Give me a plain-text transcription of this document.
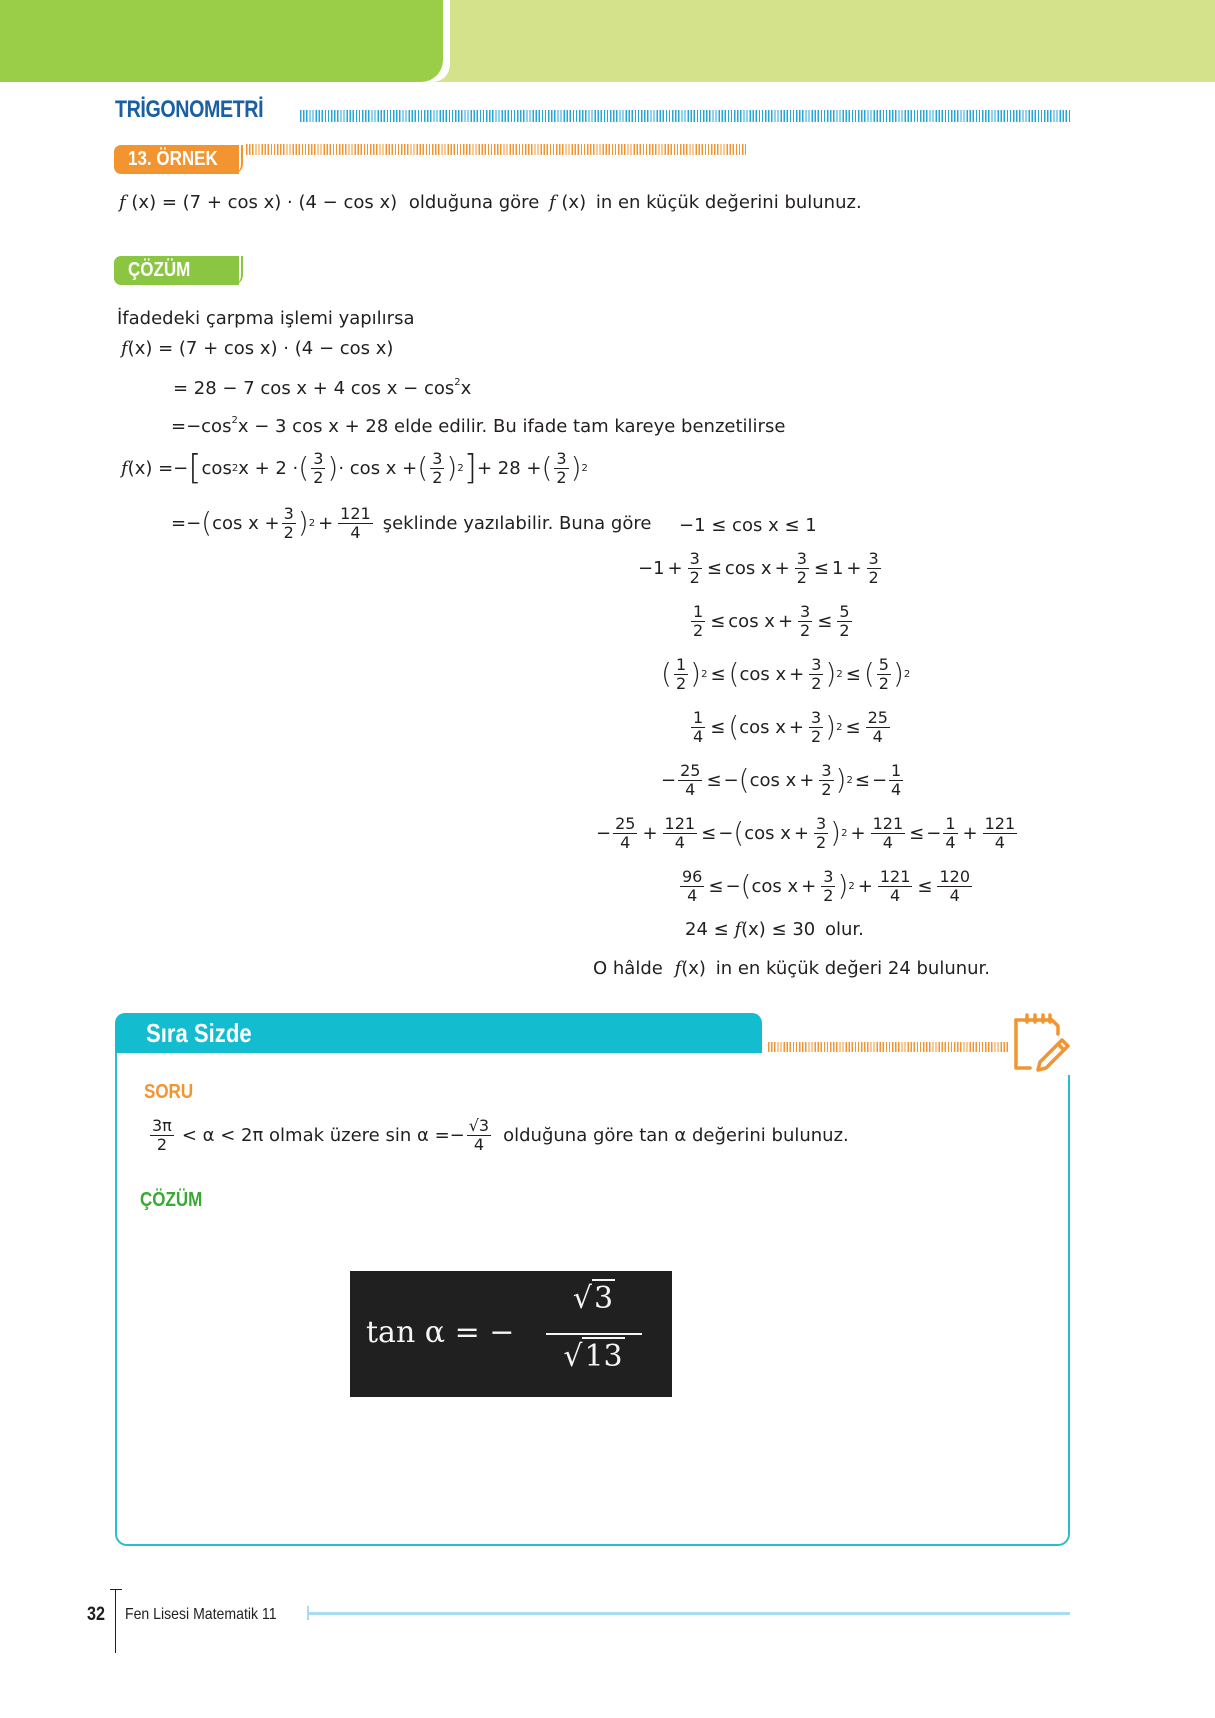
TRİGONOMETRİ
13. ÖRNEK
f (x) = (7 + cos x) · (4 − cos x) olduğuna göre f (x) in en küçük değerini bulunuz.
ÇÖZÜM
İfadedeki çarpma işlemi yapılırsa
f(x) = (7 + cos x) · (4 − cos x)
= 28 − 7 cos x + 4 $\cos x - \cos^2x$
$=-\cos^2x - 3$ cos x + 28 elde edilir. Bu ifade tam kareye benzetilirse
f (x) =− [ cos 2 x + 2 · ( $\frac{3}{2}$ ) · cos x + ( $\frac{3}{2}$ ) 2 ] + 28 + ( $\frac{3}{2}$ ) 2
=− ( $\cos x + \frac{3}{2}$ ) $2 + \frac{121}{4}$ şeklinde yazılabilir. Buna göre −1 ≤ cos x ≤ 1
− $1 + \frac{3}{2} \le \cos x + \frac{3}{2} \le 1 + \frac{3}{2}$
$\frac{1}{2} \le \cos x + \frac{3}{2} \le \frac{5}{2}$
( $\frac{1}{2}$ ) 2 ≤ ( $\cos x + \frac{3}{2}$ ) 2 ≤ ( $\frac{5}{2}$ ) 2
$\frac{1}{4}$ ≤ ( $\cos x + \frac{3}{2}$ ) $2 \le \frac{25}{4}$
− $\frac{25}{4}$ ≤ − ( $\cos x + \frac{3}{2}$ ) 2 ≤ − $\frac{1}{4}$
− $\frac{25}{4} + \frac{121}{4}$ ≤ − ( $\cos x + \frac{3}{2}$ ) $2 + \frac{121}{4}$ ≤ − $\frac{1}{4} + \frac{121}{4}$
$\frac{96}{4}$ ≤ − ( $\cos x + \frac{3}{2}$ ) $2 + \frac{121}{4} \le \frac{120}{4}$
24 ≤ f(x) ≤ 30 olur.
O hâlde f(x) in en küçük değeri 24 bulunur.
Sıra Sizde
SORU
$\frac{3\pi}{2} < \alpha < 2\pi$ olmak üzere $\sin \alpha =- \frac{√3}{4}$ olduğuna göre tan α değerini bulunuz.
ÇÖZÜM
tan α = −
√3
√13
32 Fen Lisesi Matematik 11
